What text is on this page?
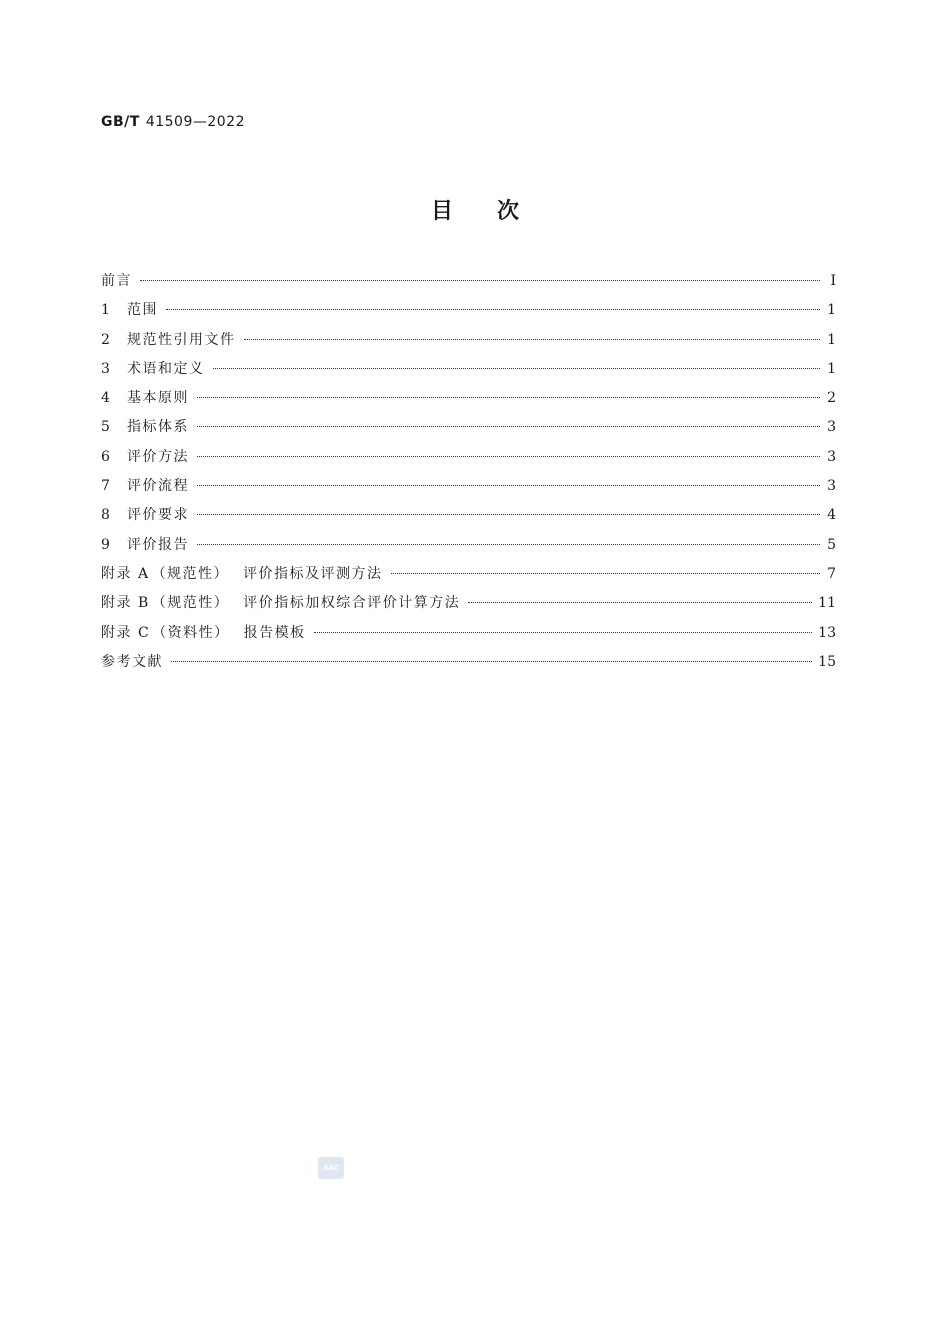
GB/T 41509—2022
目次
前言	Ⅰ
1	范围	1
2	规范性引用文件	1
3	术语和定义	1
4	基本原则	2
5	指标体系	3
6	评价方法	3
7	评价流程	3
8	评价要求	4
9	评价报告	5
附录 A （规范性） 评价指标及评测方法	7
附录 B （规范性） 评价指标加权综合评价计算方法	11
附录 C （资料性） 报告模板	13
参考文献	15
SAC
